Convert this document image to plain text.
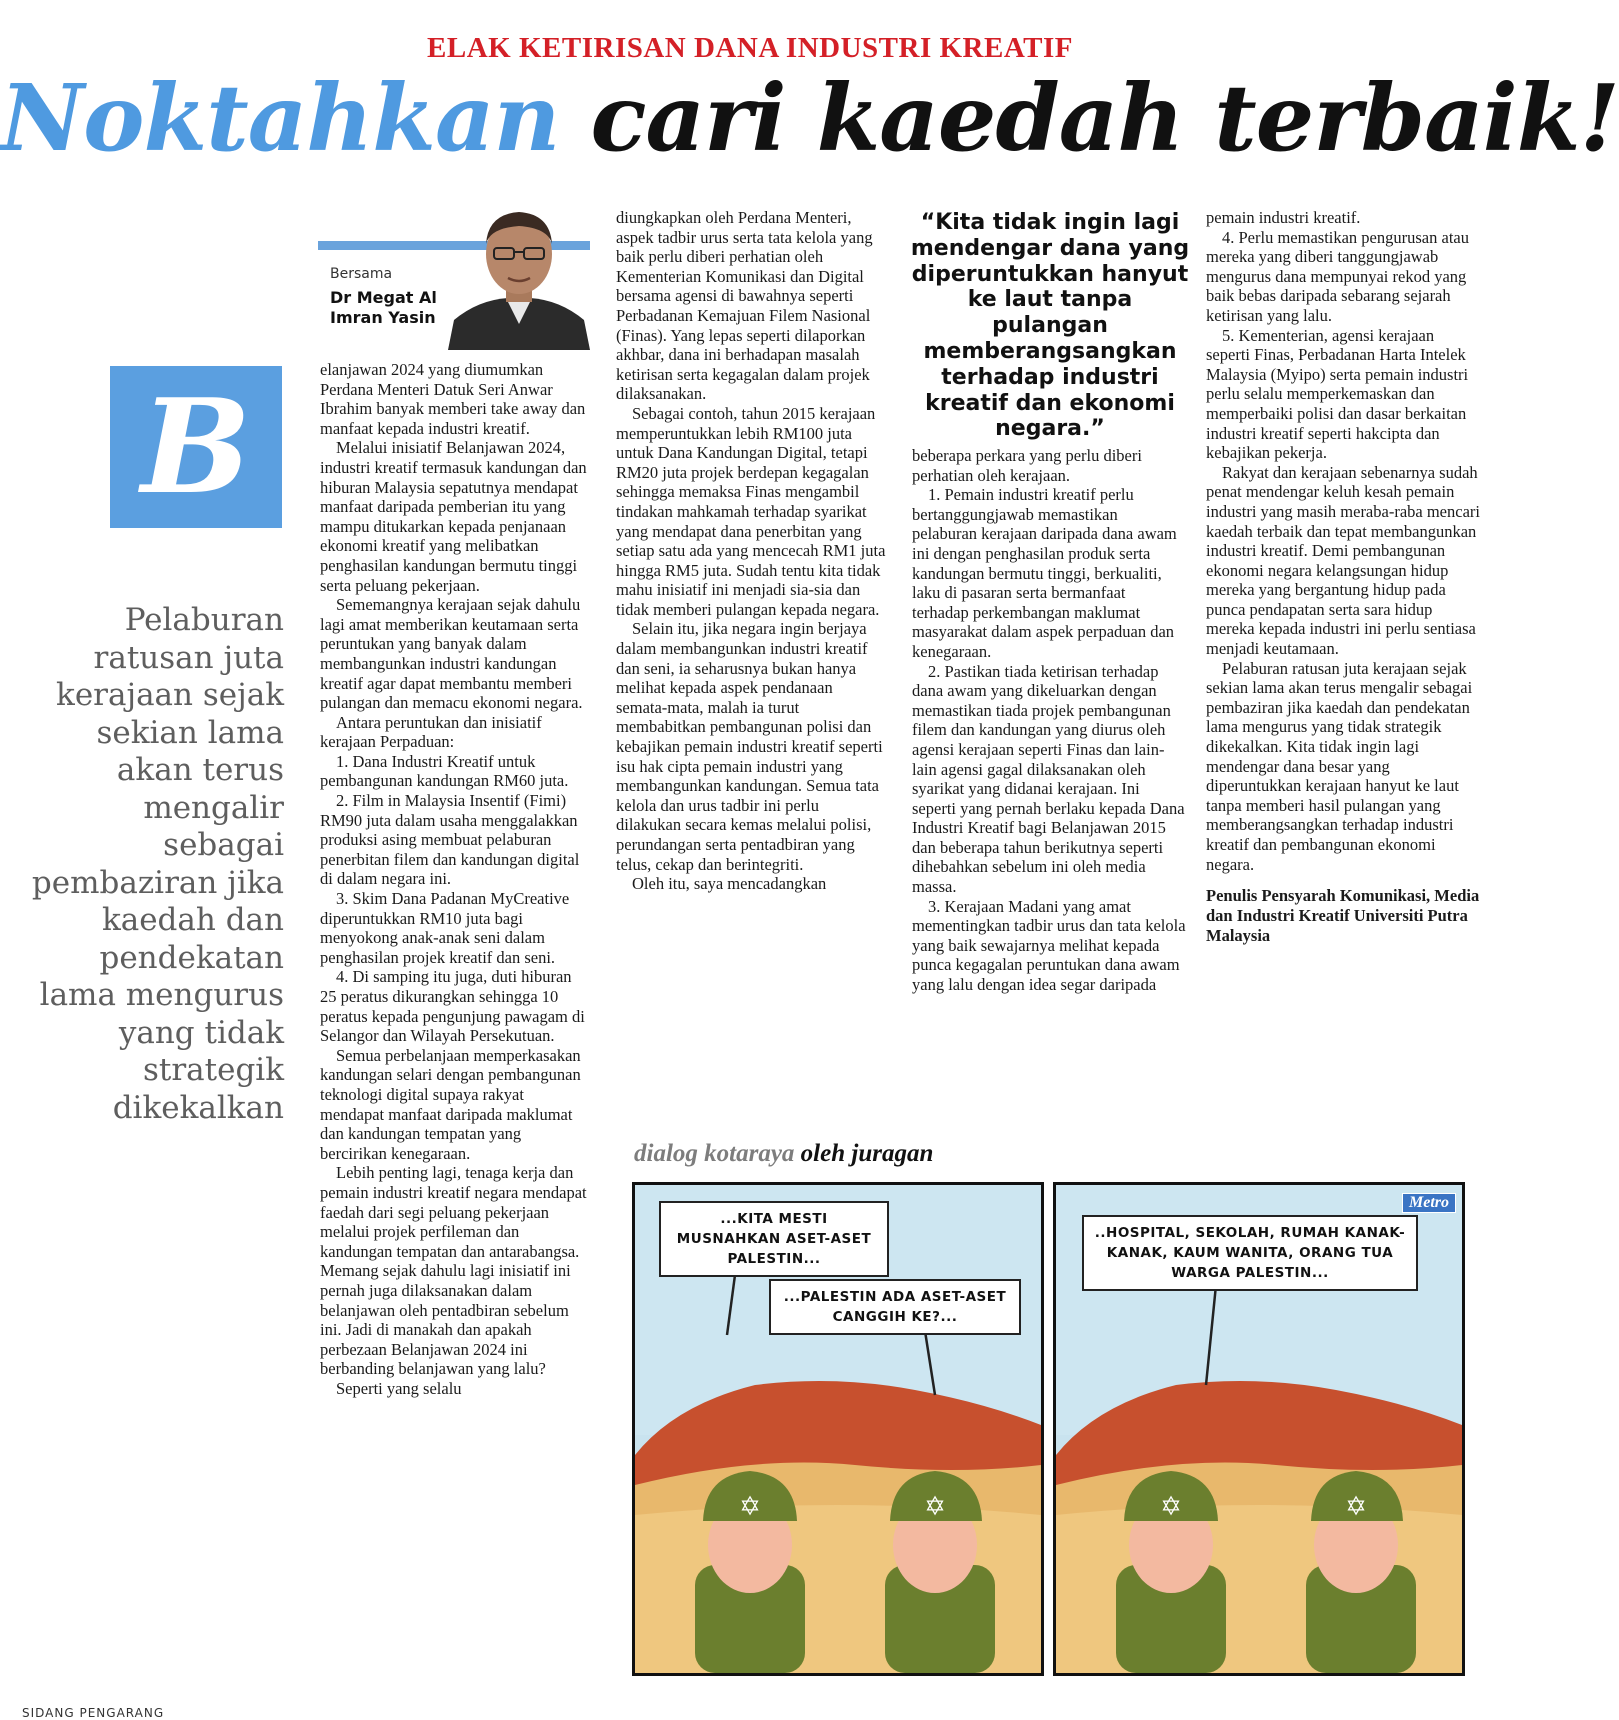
ELAK KETIRISAN DANA INDUSTRI KREATIF
Noktahkan cari kaedah terbaik!
Bersama
Dr Megat Al Imran Yasin
B
Pelaburan ratusan juta kerajaan sejak sekian lama akan terus mengalir sebagai pembaziran jika kaedah dan pendekatan lama mengurus yang tidak strategik dikekalkan

elanjawan 2024 yang diumumkan Perdana Menteri Datuk Seri Anwar Ibrahim banyak memberi take away dan manfaat kepada industri kreatif.

Melalui inisiatif Belanjawan 2024, industri kreatif termasuk kandungan dan hiburan Malaysia sepatutnya mendapat manfaat daripada pemberian itu yang mampu ditukarkan kepada penjanaan ekonomi kreatif yang melibatkan penghasilan kandungan bermutu tinggi serta peluang pekerjaan.

Sememangnya kerajaan sejak dahulu lagi amat memberikan keutamaan serta peruntukan yang banyak dalam membangunkan industri kandungan kreatif agar dapat membantu memberi pulangan dan memacu ekonomi negara.

Antara peruntukan dan inisiatif kerajaan Perpaduan:

1. Dana Industri Kreatif untuk pembangunan kandungan RM60 juta.

2. Film in Malaysia Insentif (Fimi) RM90 juta dalam usaha menggalakkan produksi asing membuat pelaburan penerbitan filem dan kandungan digital di dalam negara ini.

3. Skim Dana Padanan MyCreative diperuntukkan RM10 juta bagi menyokong anak-anak seni dalam penghasilan projek kreatif dan seni.

4. Di samping itu juga, duti hiburan 25 peratus dikurangkan sehingga 10 peratus kepada pengunjung pawagam di Selangor dan Wilayah Persekutuan.

Semua perbelanjaan memperkasakan kandungan selari dengan pembangunan teknologi digital supaya rakyat mendapat manfaat daripada maklumat dan kandungan tempatan yang bercirikan kenegaraan.

Lebih penting lagi, tenaga kerja dan pemain industri kreatif negara mendapat faedah dari segi peluang pekerjaan melalui projek perfileman dan kandungan tempatan dan antarabangsa. Memang sejak dahulu lagi inisiatif ini pernah juga dilaksanakan dalam belanjawan oleh pentadbiran sebelum ini. Jadi di manakah dan apakah perbezaan Belanjawan 2024 ini berbanding belanjawan yang lalu?

Seperti yang selalu

diungkapkan oleh Perdana Menteri, aspek tadbir urus serta tata kelola yang baik perlu diberi perhatian oleh Kementerian Komunikasi dan Digital bersama agensi di bawahnya seperti Perbadanan Kemajuan Filem Nasional (Finas). Yang lepas seperti dilaporkan akhbar, dana ini berhadapan masalah ketirisan serta kegagalan dalam projek dilaksanakan.

Sebagai contoh, tahun 2015 kerajaan memperuntukkan lebih RM100 juta untuk Dana Kandungan Digital, tetapi RM20 juta projek berdepan kegagalan sehingga memaksa Finas mengambil tindakan mahkamah terhadap syarikat yang mendapat dana penerbitan yang setiap satu ada yang mencecah RM1 juta hingga RM5 juta. Sudah tentu kita tidak mahu inisiatif ini menjadi sia-sia dan tidak memberi pulangan kepada negara.

Selain itu, jika negara ingin berjaya dalam membangunkan industri kreatif dan seni, ia seharusnya bukan hanya melihat kepada aspek pendanaan semata-mata, malah ia turut membabitkan pembangunan polisi dan kebajikan pemain industri kreatif seperti isu hak cipta pemain industri yang membangunkan kandungan. Semua tata kelola dan urus tadbir ini perlu dilakukan secara kemas melalui polisi, perundangan serta pentadbiran yang telus, cekap dan berintegriti.

Oleh itu, saya mencadangkan

“Kita tidak ingin lagi mendengar dana yang diperuntukkan hanyut ke laut tanpa pulangan memberangsangkan terhadap industri kreatif dan ekonomi negara.”

beberapa perkara yang perlu diberi perhatian oleh kerajaan.

1. Pemain industri kreatif perlu bertanggungjawab memastikan pelaburan kerajaan daripada dana awam ini dengan penghasilan produk serta kandungan bermutu tinggi, berkualiti, laku di pasaran serta bermanfaat terhadap perkembangan maklumat masyarakat dalam aspek perpaduan dan kenegaraan.

2. Pastikan tiada ketirisan terhadap dana awam yang dikeluarkan dengan memastikan tiada projek pembangunan filem dan kandungan yang diurus oleh agensi kerajaan seperti Finas dan lain-lain agensi gagal dilaksanakan oleh syarikat yang didanai kerajaan. Ini seperti yang pernah berlaku kepada Dana Industri Kreatif bagi Belanjawan 2015 dan beberapa tahun berikutnya seperti dihebahkan sebelum ini oleh media massa.

3. Kerajaan Madani yang amat mementingkan tadbir urus dan tata kelola yang baik sewajarnya melihat kepada punca kegagalan peruntukan dana awam yang lalu dengan idea segar daripada

pemain industri kreatif.

4. Perlu memastikan pengurusan atau mereka yang diberi tanggungjawab mengurus dana mempunyai rekod yang baik bebas daripada sebarang sejarah ketirisan yang lalu.

5. Kementerian, agensi kerajaan seperti Finas, Perbadanan Harta Intelek Malaysia (Myipo) serta pemain industri perlu selalu memperkemaskan dan memperbaiki polisi dan dasar berkaitan industri kreatif seperti hakcipta dan kebajikan pekerja.

Rakyat dan kerajaan sebenarnya sudah penat mendengar keluh kesah pemain industri yang masih meraba-raba mencari kaedah terbaik dan tepat membangunkan industri kreatif. Demi pembangunan ekonomi negara kelangsungan hidup mereka yang bergantung hidup pada punca pendapatan serta sara hidup mereka kepada industri ini perlu sentiasa menjadi keutamaan.

Pelaburan ratusan juta kerajaan sejak sekian lama akan terus mengalir sebagai pembaziran jika kaedah dan pendekatan lama mengurus yang tidak strategik dikekalkan. Kita tidak ingin lagi mendengar dana besar yang diperuntukkan kerajaan hanyut ke laut tanpa memberi hasil pulangan yang memberangsangkan terhadap industri kreatif dan pembangunan ekonomi negara.

Penulis Pensyarah Komunikasi, Media dan Industri Kreatif Universiti Putra Malaysia

dialog kotaraya oleh juragan
✡	✡
...KITA MESTI MUSNAHKAN ASET-ASET PALESTIN...
...PALESTIN ADA ASET-ASET CANGGIH KE?...
✡	✡
Metro
..HOSPITAL, SEKOLAH, RUMAH KANAK-KANAK, KAUM WANITA, ORANG TUA WARGA PALESTIN...
SIDANG PENGARANG
